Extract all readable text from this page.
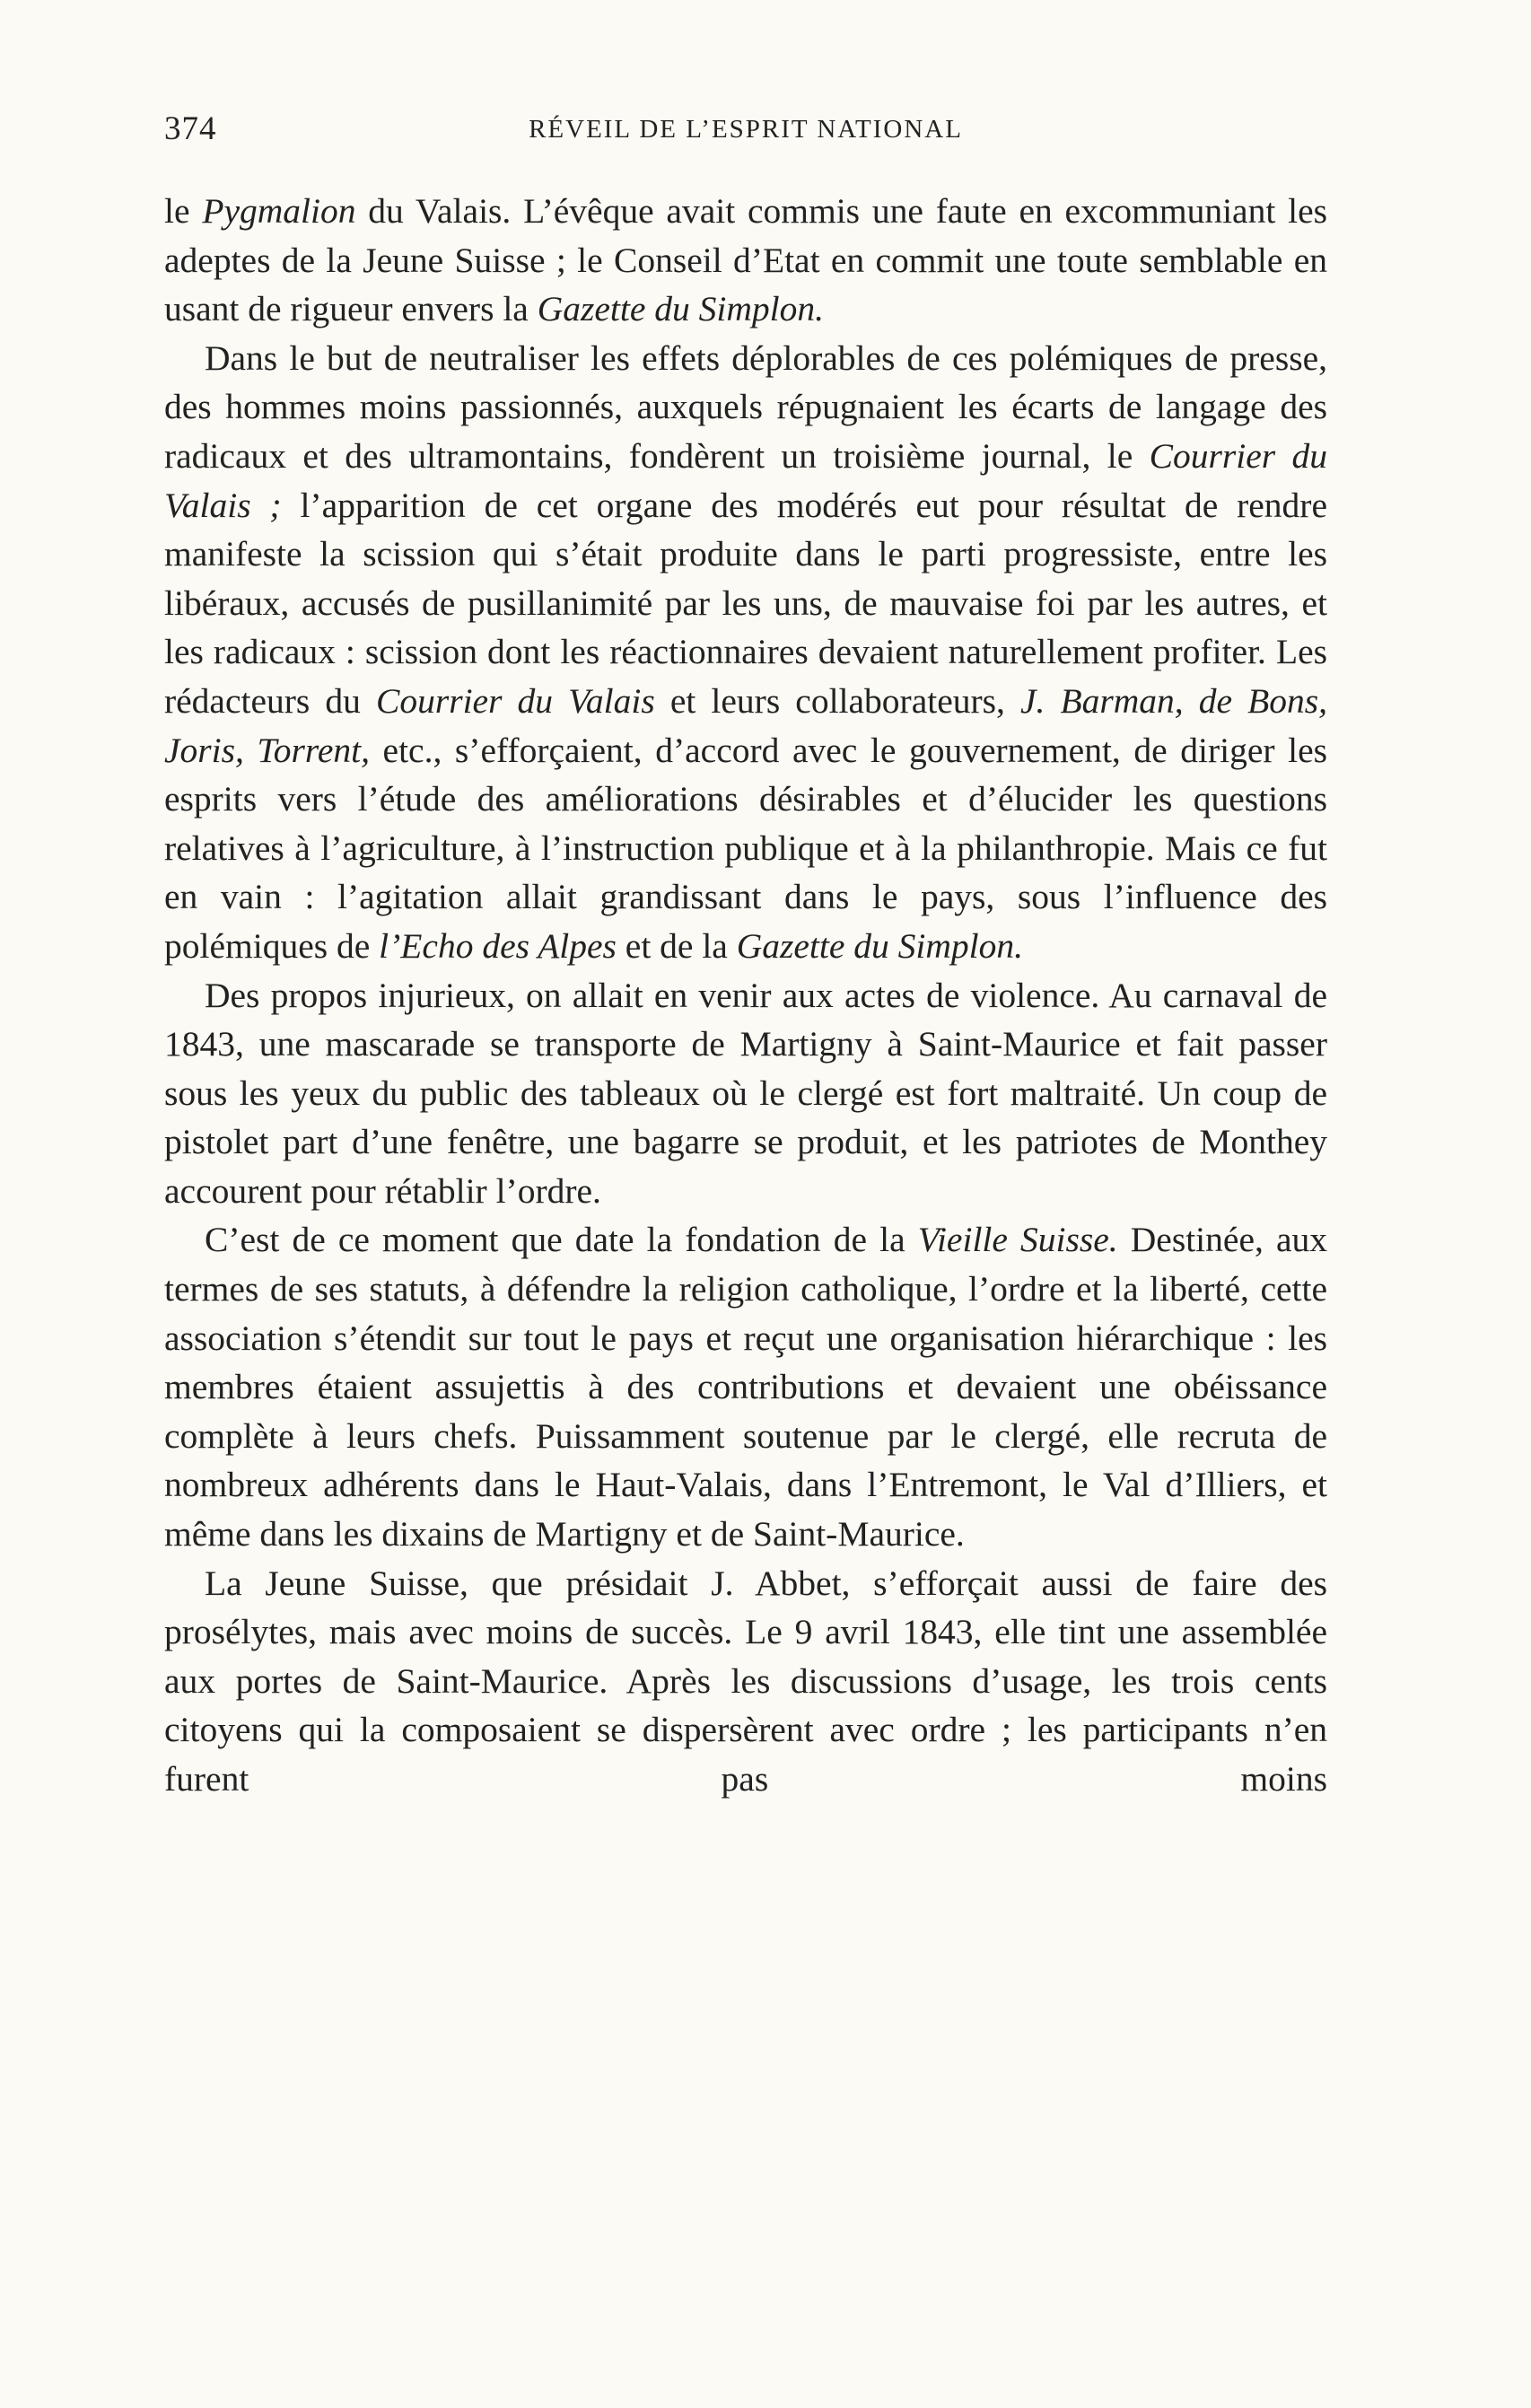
374	RÉVEIL DE L’ESPRIT NATIONAL

le Pygmalion du Valais. L’évêque avait commis une faute en excommuniant les adeptes de la Jeune Suisse ; le Conseil d’Etat en commit une toute semblable en usant de rigueur envers la Gazette du Simplon.

Dans le but de neutraliser les effets déplorables de ces polémiques de presse, des hommes moins passionnés, auxquels répugnaient les écarts de langage des radicaux et des ultramontains, fondèrent un troisième journal, le Courrier du Valais ; l’apparition de cet organe des modérés eut pour résultat de rendre manifeste la scission qui s’était produite dans le parti progressiste, entre les libéraux, accusés de pusillanimité par les uns, de mauvaise foi par les autres, et les radicaux : scission dont les réactionnaires devaient naturellement profiter. Les rédacteurs du Courrier du Valais et leurs collaborateurs, J. Barman, de Bons, Joris, Torrent, etc., s’efforçaient, d’accord avec le gouvernement, de diriger les esprits vers l’étude des améliorations désirables et d’élucider les questions relatives à l’agriculture, à l’instruction publique et à la philanthropie. Mais ce fut en vain : l’agitation allait grandissant dans le pays, sous l’influence des polémiques de l’Echo des Alpes et de la Gazette du Simplon.

Des propos injurieux, on allait en venir aux actes de violence. Au carnaval de 1843, une mascarade se transporte de Martigny à Saint-Maurice et fait passer sous les yeux du public des tableaux où le clergé est fort maltraité. Un coup de pistolet part d’une fenêtre, une bagarre se produit, et les patriotes de Monthey accourent pour rétablir l’ordre.

C’est de ce moment que date la fondation de la Vieille Suisse. Destinée, aux termes de ses statuts, à défendre la religion catholique, l’ordre et la liberté, cette association s’étendit sur tout le pays et reçut une organisation hiérarchique : les membres étaient assujettis à des contributions et devaient une obéissance complète à leurs chefs. Puissamment soutenue par le clergé, elle recruta de nombreux adhérents dans le Haut-Valais, dans l’Entremont, le Val d’Illiers, et même dans les dixains de Martigny et de Saint-Maurice.

La Jeune Suisse, que présidait J. Abbet, s’efforçait aussi de faire des prosélytes, mais avec moins de succès. Le 9 avril 1843, elle tint une assemblée aux portes de Saint-Maurice. Après les discussions d’usage, les trois cents citoyens qui la composaient se dispersèrent avec ordre ; les participants n’en furent pas moins
